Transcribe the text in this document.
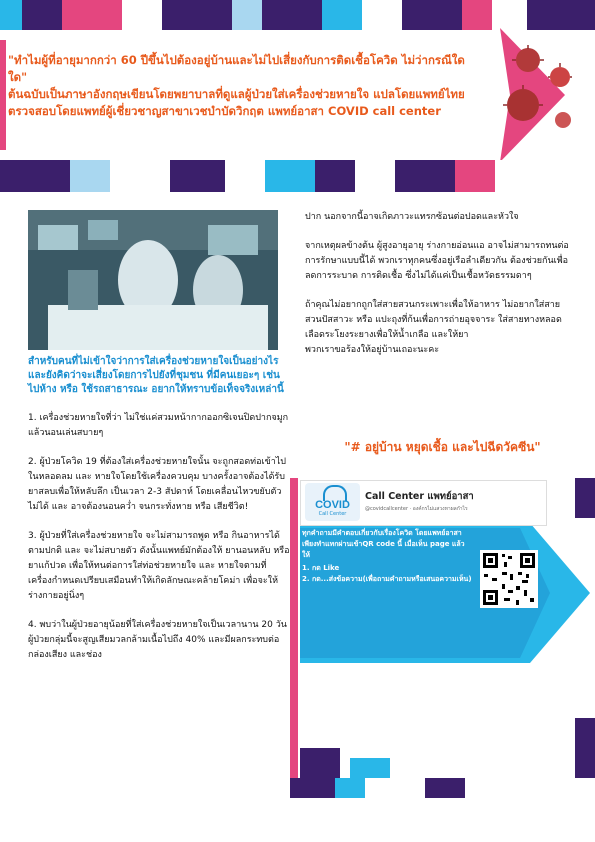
"ทำไมผู้ที่อายุมากกว่า 60 ปีขึ้นไปต้องอยู่บ้านและไม่ไปเสี่ยงกับการติดเชื้อโควิด ไม่ว่ากรณีใดใด"
ต้นฉบับเป็นภาษาอังกฤษเขียนโดยพยาบาลที่ดูแลผู้ป่วยใส่เครื่องช่วยหายใจ แปลโดยแพทย์ไทยตรวจสอบโดยแพทย์ผู้เชี่ยวชาญสาขาเวชบำบัดวิกฤต แพทย์อาสา COVID call center

สำหรับคนที่ไม่เข้าใจว่าการใส่เครื่องช่วยหายใจเป็นอย่างไร และยังคิดว่าจะเสี่ยงโดยการไปยังที่ชุมชน ที่มีคนเยอะๆ เช่น ไปห้าง หรือ ใช้รถสาธารณะ อยากให้ทราบข้อเท็จจริงเหล่านี้

1. เครื่องช่วยหายใจที่ว่า ไม่ใช่แค่สวมหน้ากากออกซิเจนปิดปากจมูกแล้วนอนเล่นสบายๆ

2. ผู้ป่วยโควิด 19 ที่ต้องใส่เครื่องช่วยหายใจนั้น จะถูกสอดท่อเข้าไปในหลอดลม และ หายใจโดยใช้เครื่องควบคุม บางครั้งอาจต้องได้รับยาสลบเพื่อให้หลับลึก เป็นเวลา 2-3 สัปดาห์ โดยเคลื่อนไหวขยับตัวไม่ได้ และ อาจต้องนอนคว่ำ จนกระทั่งหาย หรือ เสียชีวิต!

3. ผู้ป่วยที่ใส่เครื่องช่วยหายใจ จะไม่สามารถพูด หรือ กินอาหารได้ตามปกติ และ จะไม่สบายตัว ดังนั้นแพทย์มักต้องให้ ยานอนหลับ หรือ ยาแก้ปวด เพื่อให้ทนต่อการใส่ท่อช่วยหายใจ และ หายใจตามที่เครื่องกำหนดเปรียบเสมือนทำให้เกิดลักษณะคล้ายโคม่า เพื่อจะให้ร่างกายอยู่นิ่งๆ

4. พบว่าในผู้ป่วยอายุน้อยที่ใส่เครื่องช่วยหายใจเป็นเวลานาน 20 วัน ผู้ป่วยกลุ่มนี้จะสูญเสียมวลกล้ามเนื้อไปถึง 40% และมีผลกระทบต่อ กล่องเสียง และช่อง

ปาก นอกจากนี้อาจเกิดภาวะแทรกซ้อนต่อปอดและหัวใจ

จากเหตุผลข้างต้น ผู้สูงอายุอายุ ร่างกายอ่อนแอ อาจไม่สามารถทนต่อการรักษาแบบนี้ได้ พวกเราทุกคนซึ่งอยู่เรือลำเดียวกัน ต้องช่วยกันเพื่อลดการระบาด การติดเชื้อ ซึ่งไม่ได้แค่เป็นเชื้อหวัดธรรมดาๆ

ถ้าคุณไม่อยากถูกใส่สายสวนกระเพาะเพื่อให้อาหาร ไม่อยากใส่สายสวนปัสสาวะ หรือ แปะถุงที่ก้นเพื่อการถ่ายอุจจาระ ใส่สายทางหลอดเลือดระโยงระยางเพื่อให้น้ำเกลือ และให้ยา

พวกเราขอร้องให้อยู่บ้านเถอะนะคะ

"# อยู่บ้าน หยุดเชื้อ และไปฉีดวัคซีน"
COVID
Call Center
Call Center แพทย์อาสา
@covidcallcenter · องค์กรไม่แสวงหาผลกำไร
ทุกคำถามมีคำตอบเกี่ยวกับเรื่องโควิด โดยแพทย์อาสาเพียงทำแทกผ่านเข้าQR code นี้ เมื่อเห็น page แล้วให้
1. กด Like
2. กด...ส่งข้อความ(เพื่อถามคำถามหรือเสนอความเห็น)
